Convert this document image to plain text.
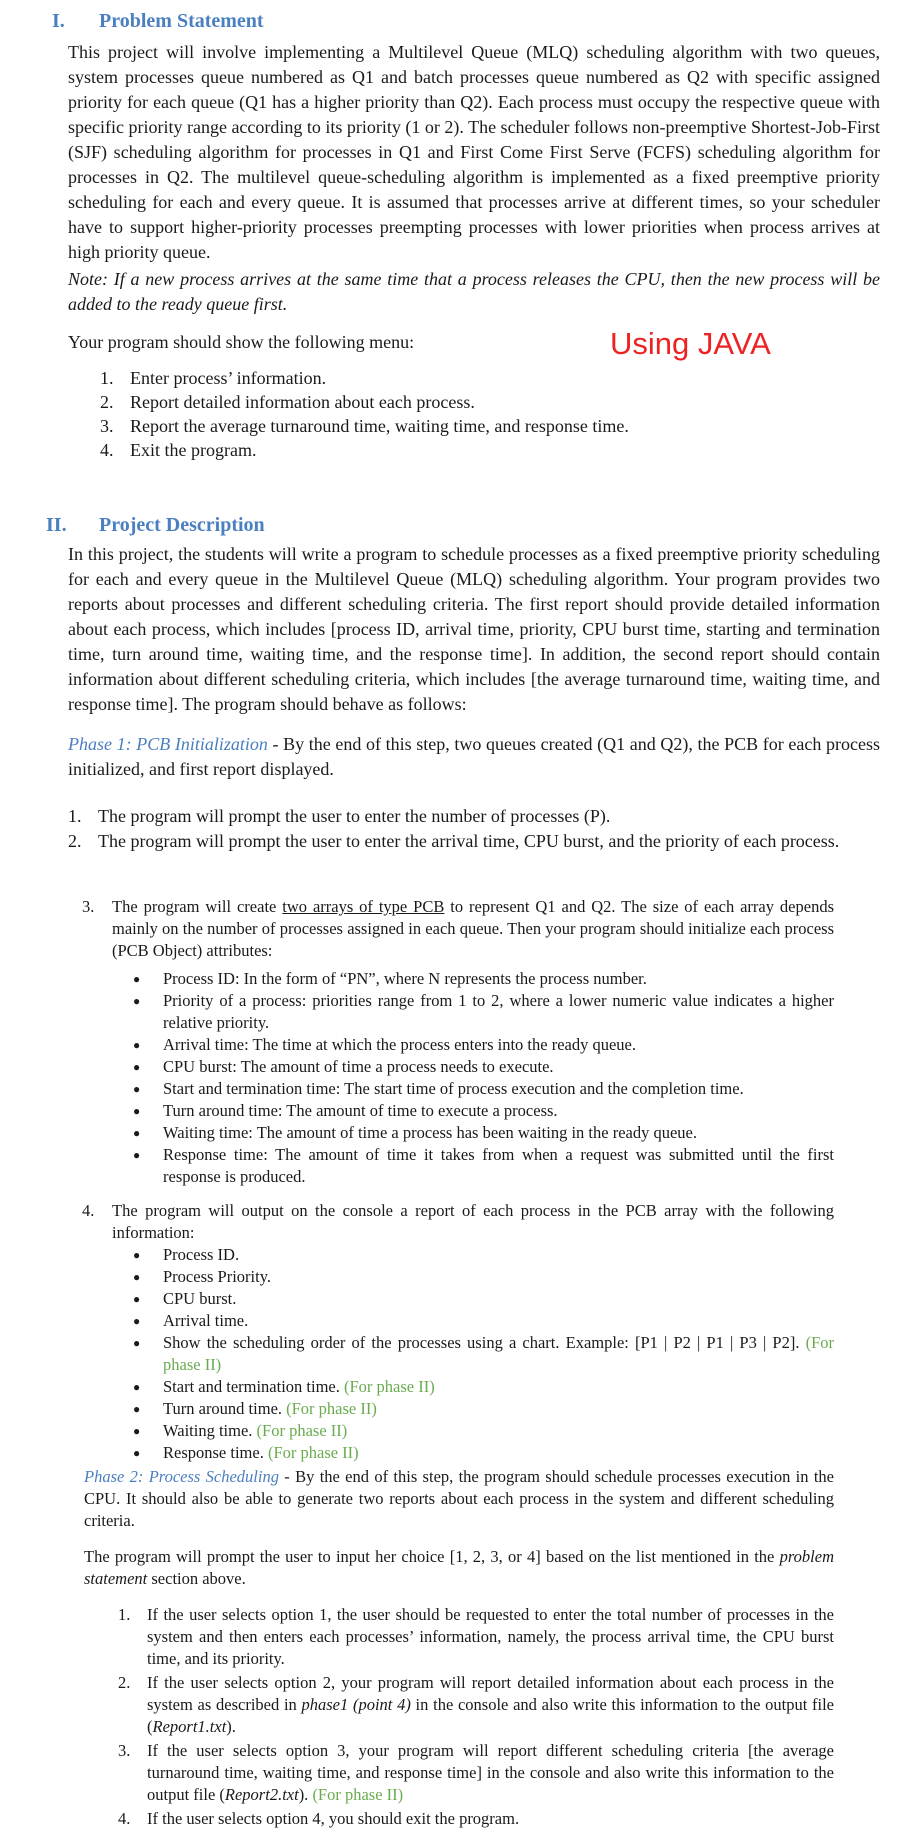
I. Problem Statement

This project will involve implementing a Multilevel Queue (MLQ) scheduling algorithm with two queues, system processes queue numbered as Q1 and batch processes queue numbered as Q2 with specific assigned priority for each queue (Q1 has a higher priority than Q2). Each process must occupy the respective queue with specific priority range according to its priority (1 or 2). The scheduler follows non-preemptive Shortest-Job-First (SJF) scheduling algorithm for processes in Q1 and First Come First Serve (FCFS) scheduling algorithm for processes in Q2. The multilevel queue-scheduling algorithm is implemented as a fixed preemptive priority scheduling for each and every queue. It is assumed that processes arrive at different times, so your scheduler have to support higher-priority processes preempting processes with lower priorities when process arrives at high priority queue.

Note: If a new process arrives at the same time that a process releases the CPU, then the new process will be added to the ready queue first.

Your program should show the following menu:	Using JAVA

1. Enter process’ information.
2. Report detailed information about each process.
3. Report the average turnaround time, waiting time, and response time.
4. Exit the program.
II. Project Description

In this project, the students will write a program to schedule processes as a fixed preemptive priority scheduling for each and every queue in the Multilevel Queue (MLQ) scheduling algorithm. Your program provides two reports about processes and different scheduling criteria. The first report should provide detailed information about each process, which includes [process ID, arrival time, priority, CPU burst time, starting and termination time, turn around time, waiting time, and the response time]. In addition, the second report should contain information about different scheduling criteria, which includes [the average turnaround time, waiting time, and response time]. The program should behave as follows:

Phase 1: PCB Initialization - By the end of this step, two queues created (Q1 and Q2), the PCB for each process initialized, and first report displayed.

1. The program will prompt the user to enter the number of processes (P).
2. The program will prompt the user to enter the arrival time, CPU burst, and the priority of each process.
3.	The program will create two arrays of type PCB to represent Q1 and Q2. The size of each array depends mainly on the number of processes assigned in each queue. Then your program should initialize each process (PCB Object) attributes:
● Process ID: In the form of “PN”, where N represents the process number.
● Priority of a process: priorities range from 1 to 2, where a lower numeric value indicates a higher relative priority.
● Arrival time: The time at which the process enters into the ready queue.
● CPU burst: The amount of time a process needs to execute.
● Start and termination time: The start time of process execution and the completion time.
● Turn around time: The amount of time to execute a process.
● Waiting time: The amount of time a process has been waiting in the ready queue.
● Response time: The amount of time it takes from when a request was submitted until the first response is produced.
4.	The program will output on the console a report of each process in the PCB array with the following information:
● Process ID.
● Process Priority.
● CPU burst.
● Arrival time.
● Show the scheduling order of the processes using a chart. Example: [P1 | P2 | P1 | P3 | P2]. (For phase II)
● Start and termination time. (For phase II)
● Turn around time. (For phase II)
● Waiting time. (For phase II)
● Response time. (For phase II)

Phase 2: Process Scheduling - By the end of this step, the program should schedule processes execution in the CPU. It should also be able to generate two reports about each process in the system and different scheduling criteria.

The program will prompt the user to input her choice [1, 2, 3, or 4] based on the list mentioned in the problem statement section above.

1.	If the user selects option 1, the user should be requested to enter the total number of processes in the system and then enters each processes’ information, namely, the process arrival time, the CPU burst time, and its priority.
2.	If the user selects option 2, your program will report detailed information about each process in the system as described in phase1 (point 4) in the console and also write this information to the output file (Report1.txt).
3.	If the user selects option 3, your program will report different scheduling criteria [the average turnaround time, waiting time, and response time] in the console and also write this information to the output file (Report2.txt). (For phase II)
4.	If the user selects option 4, you should exit the program.
